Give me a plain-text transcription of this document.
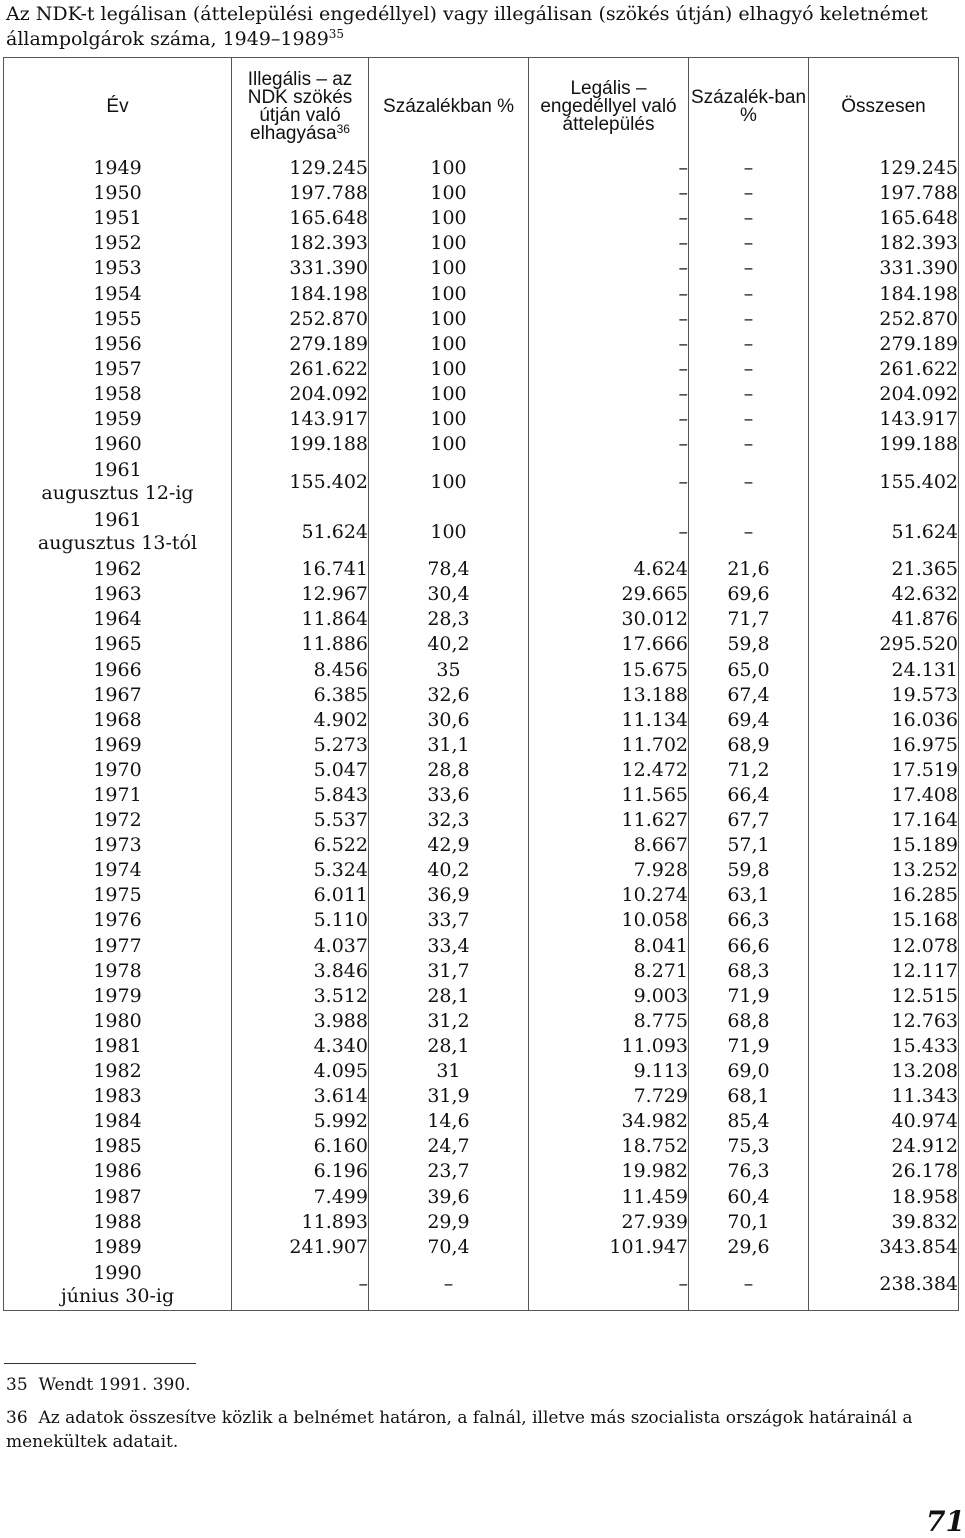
Az NDK-t legálisan (áttelepülési engedéllyel) vagy illegálisan (szökés útján) elhagyó keletnémet állampolgárok száma, 1949–1989$^{35}$
Év	Illegális – az NDK szökés útján való elhagyása$^{36}$	Százalékban %	Legális – engedéllyel való áttelepülés	Százalék-ban %	Összesen
1949	129.245	100	–	–	129.245
1950	197.788	100	–	–	197.788
1951	165.648	100	–	–	165.648
1952	182.393	100	–	–	182.393
1953	331.390	100	–	–	331.390
1954	184.198	100	–	–	184.198
1955	252.870	100	–	–	252.870
1956	279.189	100	–	–	279.189
1957	261.622	100	–	–	261.622
1958	204.092	100	–	–	204.092
1959	143.917	100	–	–	143.917
1960	199.188	100	–	–	199.188

1961
augusztus 12-ig	155.402	100	–	–	155.402

1961
augusztus 13-tól	51.624	100	–	–	51.624
1962	16.741	78,4	4.624	21,6	21.365
1963	12.967	30,4	29.665	69,6	42.632
1964	11.864	28,3	30.012	71,7	41.876
1965	11.886	40,2	17.666	59,8	295.520
1966	8.456	35	15.675	65,0	24.131
1967	6.385	32,6	13.188	67,4	19.573
1968	4.902	30,6	11.134	69,4	16.036
1969	5.273	31,1	11.702	68,9	16.975
1970	5.047	28,8	12.472	71,2	17.519
1971	5.843	33,6	11.565	66,4	17.408
1972	5.537	32,3	11.627	67,7	17.164
1973	6.522	42,9	8.667	57,1	15.189
1974	5.324	40,2	7.928	59,8	13.252
1975	6.011	36,9	10.274	63,1	16.285
1976	5.110	33,7	10.058	66,3	15.168
1977	4.037	33,4	8.041	66,6	12.078
1978	3.846	31,7	8.271	68,3	12.117
1979	3.512	28,1	9.003	71,9	12.515
1980	3.988	31,2	8.775	68,8	12.763
1981	4.340	28,1	11.093	71,9	15.433
1982	4.095	31	9.113	69,0	13.208
1983	3.614	31,9	7.729	68,1	11.343
1984	5.992	14,6	34.982	85,4	40.974
1985	6.160	24,7	18.752	75,3	24.912
1986	6.196	23,7	19.982	76,3	26.178
1987	7.499	39,6	11.459	60,4	18.958
1988	11.893	29,9	27.939	70,1	39.832
1989	241.907	70,4	101.947	29,6	343.854

1990
június 30-ig	–	–	–	–	238.384
35 Wendt 1991. 390.
36 Az adatok összesítve közlik a belnémet határon, a falnál, illetve más szocialista országok határainál a menekültek adatait.
71
